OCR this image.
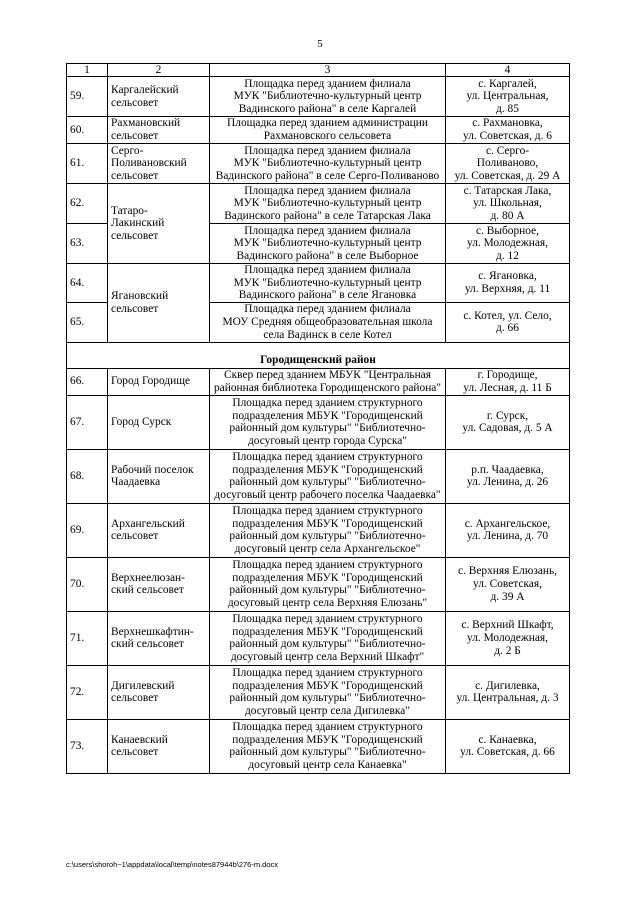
5
1	2	3	4
59.	Каргалейский
сельсовет	Площадка перед зданием филиала
МУК "Библиотечно-культурный центр
Вадинского района" в селе Каргалей	с. Каргалей,
ул. Центральная,
д. 85
60.	Рахмановский
сельсовет	Площадка перед зданием администрации
Рахмановского сельсовета	с. Рахмановка,
ул. Советская, д. 6
61.	Серго-
Поливановский
сельсовет	Площадка перед зданием филиала
МУК "Библиотечно-культурный центр
Вадинского района" в селе Серго-Поливаново	с. Серго-
Поливаново,
ул. Советская, д. 29 А
62.	Татаро-
Лакинский
сельсовет	Площадка перед зданием филиала
МУК "Библиотечно-культурный центр
Вадинского района" в селе Татарская Лака	с. Татарская Лака,
ул. Школьная,
д. 80 А
63.		Площадка перед зданием филиала
МУК "Библиотечно-культурный центр
Вадинского района" в селе Выборное	с. Выборное,
ул. Молодежная,
д. 12
64.	Ягановский
сельсовет	Площадка перед зданием филиала
МУК "Библиотечно-культурный центр
Вадинского района" в селе Ягановка	с. Ягановка,
ул. Верхняя, д. 11
65.		Площадка перед зданием филиала
МОУ Средняя общеобразовательная школа
села Вадинск в селе Котел	с. Котел, ул. Село,
д. 66
Городищенский район			
66.	Город Городище	Сквер перед зданием МБУК "Центральная
районная библиотека Городищенского района"	г. Городище,
ул. Лесная, д. 11 Б
67.	Город Сурск	Площадка перед зданием структурного
подразделения МБУК "Городищенский
районный дом культуры" "Библиотечно-
досуговый центр города Сурска"	г. Сурск,
ул. Садовая, д. 5 А
68.	Рабочий поселок
Чаадаевка	Площадка перед зданием структурного
подразделения МБУК "Городищенский
районный дом культуры" "Библиотечно-
досуговый центр рабочего поселка Чаадаевка"	р.п. Чаадаевка,
ул. Ленина, д. 26
69.	Архангельский
сельсовет	Площадка перед зданием структурного
подразделения МБУК "Городищенский
районный дом культуры" "Библиотечно-
досуговый центр села Архангельское"	с. Архангельское,
ул. Ленина, д. 70
70.	Верхнеелюзан-
ский сельсовет	Площадка перед зданием структурного
подразделения МБУК "Городищенский
районный дом культуры" "Библиотечно-
досуговый центр села Верхняя Елюзань"	с. Верхняя Елюзань,
ул. Советская,
д. 39 А
71.	Верхнешкафтин-
ский сельсовет	Площадка перед зданием структурного
подразделения МБУК "Городищенский
районный дом культуры" "Библиотечно-
досуговый центр села Верхний Шкафт"	с. Верхний Шкафт,
ул. Молодежная,
д. 2 Б
72.	Дигилевский
сельсовет	Площадка перед зданием структурного
подразделения МБУК "Городищенский
районный дом культуры" "Библиотечно-
досуговый центр села Дигилевка"	с. Дигилевка,
ул. Центральная, д. 3
73.	Канаевский
сельсовет	Площадка перед зданием структурного
подразделения МБУК "Городищенский
районный дом культуры" "Библиотечно-
досуговый центр села Канаевка"	с. Канаевка,
ул. Советская, д. 66
c:\users\shoroh~1\appdata\local\temp\notes87944b\276-m.docx
